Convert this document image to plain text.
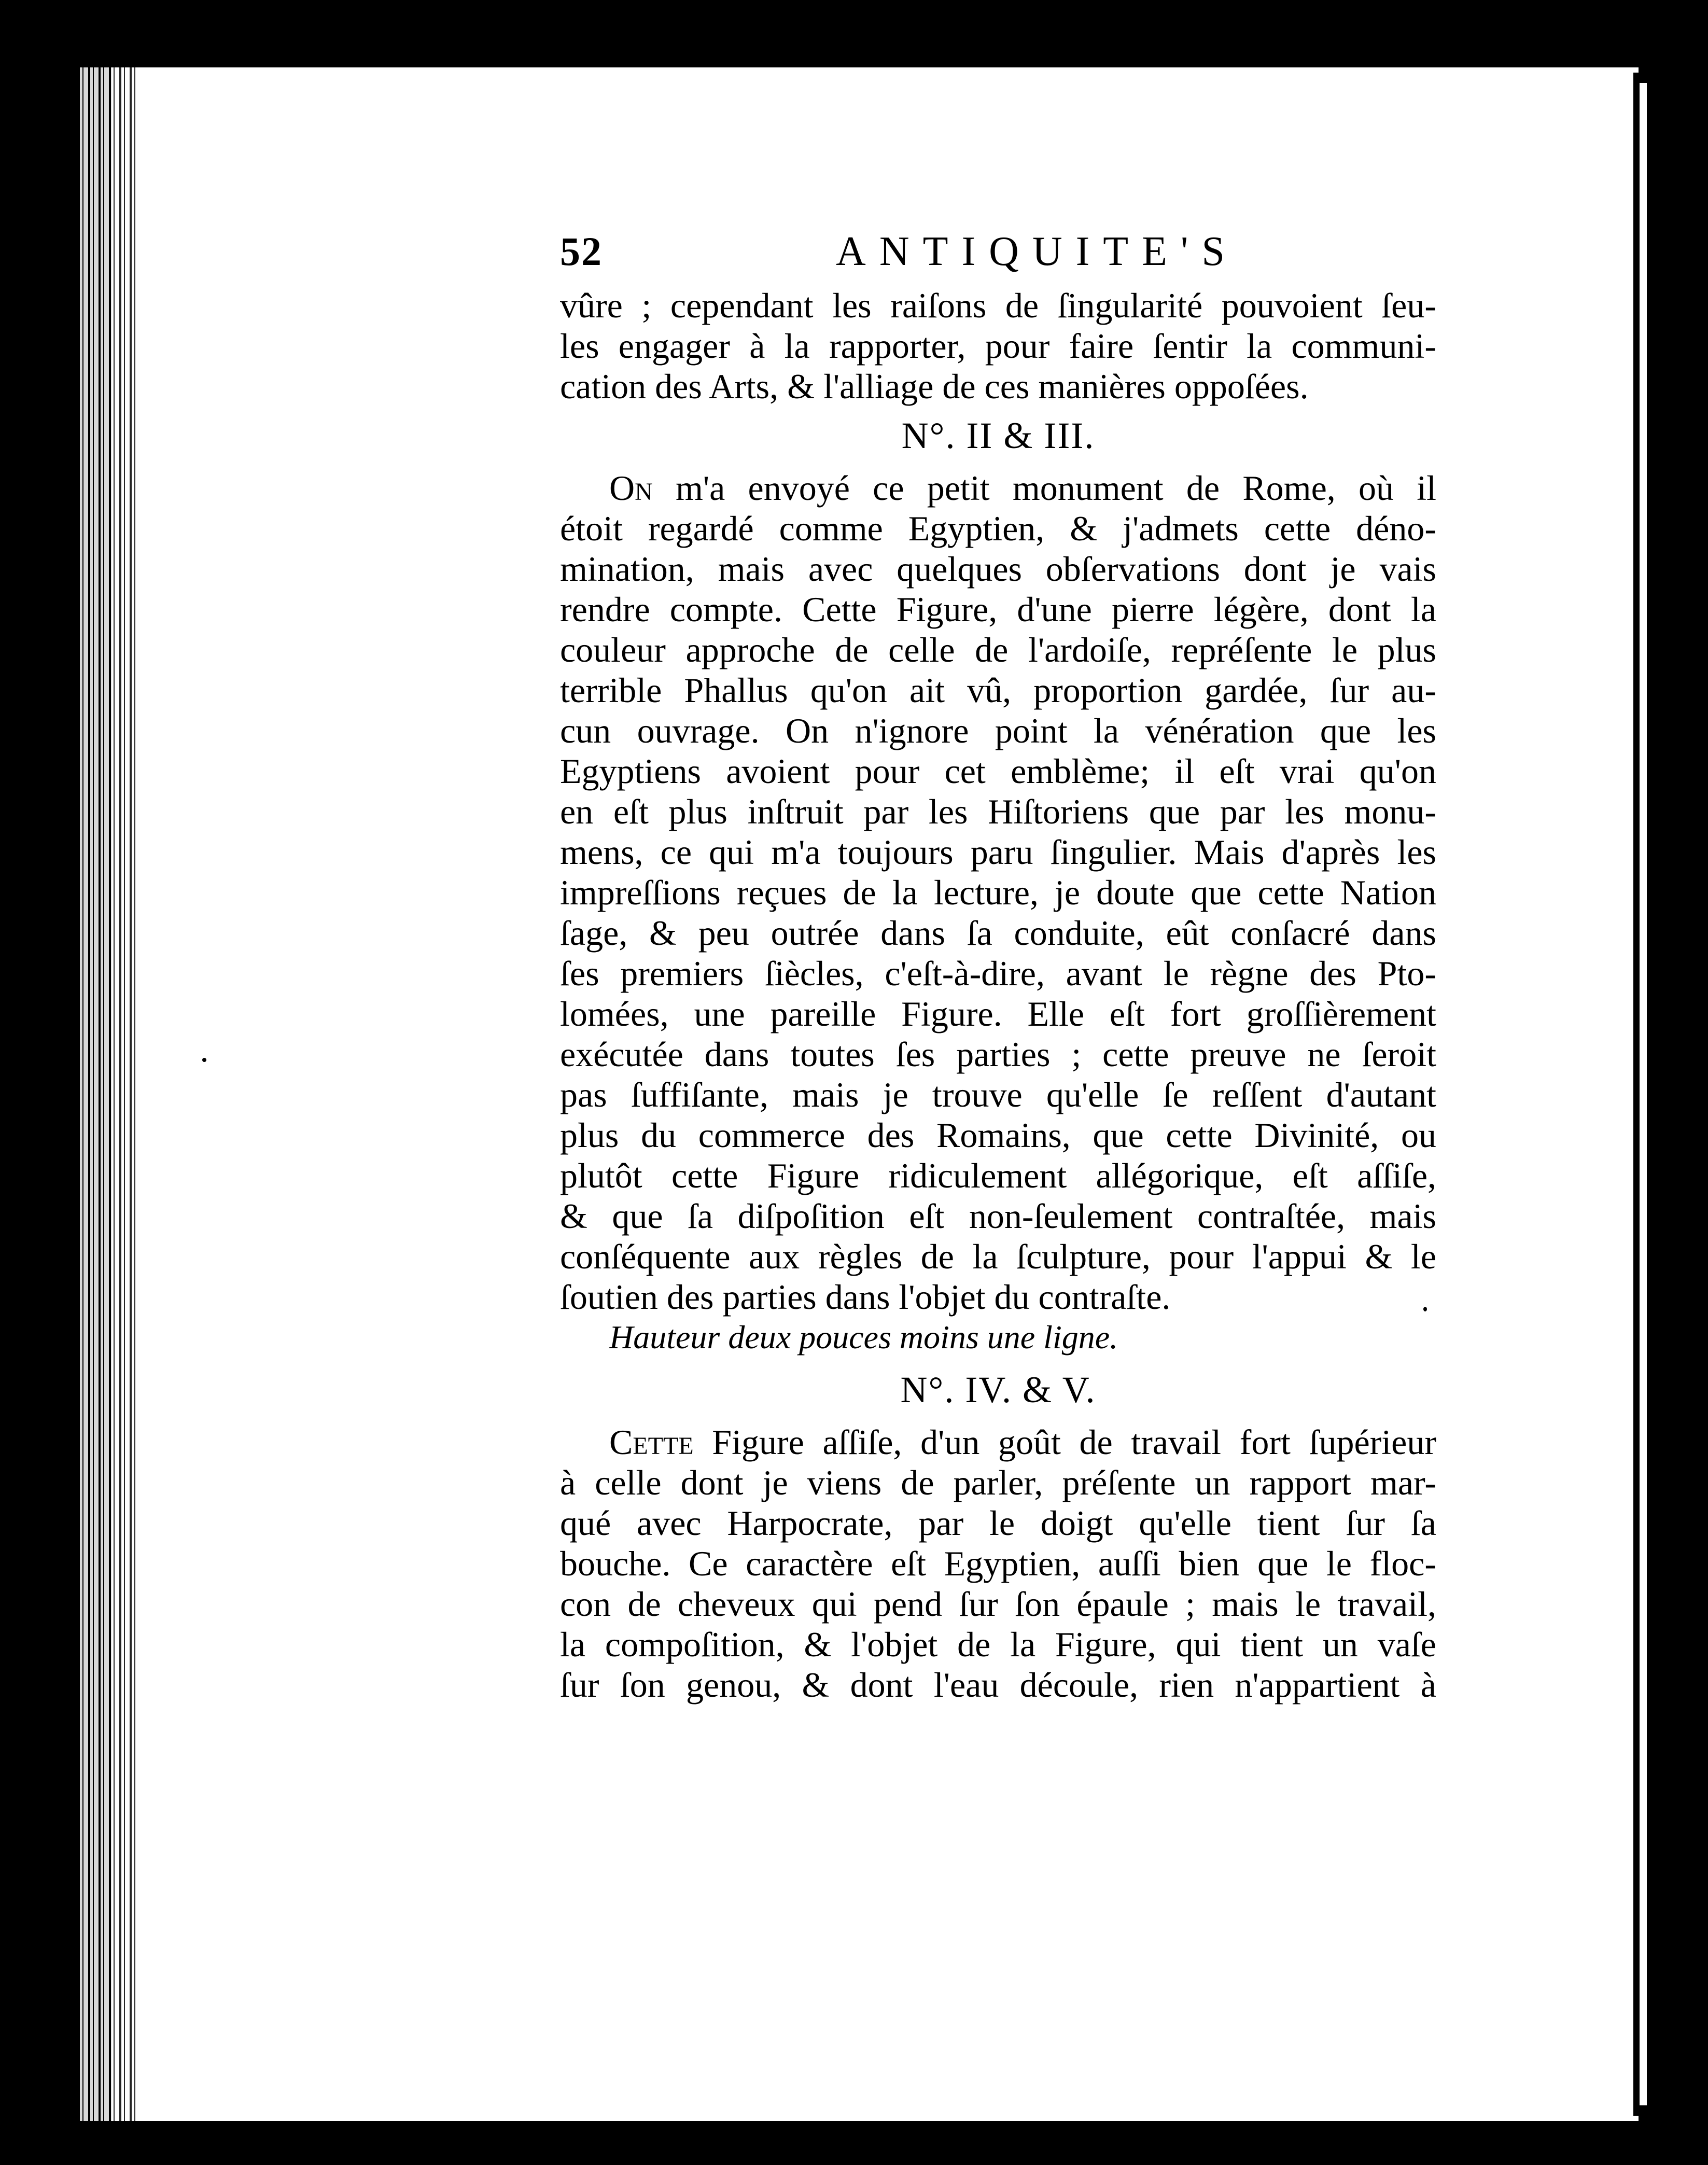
52	ANTIQUITE'S
vûre ; cependant les raiſons de ſingularité pouvoient ſeu-
les engager à la rapporter, pour faire ſentir la communi-
cation des Arts, & l'alliage de ces manières oppoſées.
N°. II & III.
On m'a envoyé ce petit monument de Rome, où il
étoit regardé comme Egyptien, & j'admets cette déno-
mination, mais avec quelques obſervations dont je vais
rendre compte. Cette Figure, d'une pierre légère, dont la
couleur approche de celle de l'ardoiſe, repréſente le plus
terrible Phallus qu'on ait vû, proportion gardée, ſur au-
cun ouvrage. On n'ignore point la vénération que les
Egyptiens avoient pour cet emblème; il eſt vrai qu'on
en eſt plus inſtruit par les Hiſtoriens que par les monu-
mens, ce qui m'a toujours paru ſingulier. Mais d'après les
impreſſions reçues de la lecture, je doute que cette Nation
ſage, & peu outrée dans ſa conduite, eût conſacré dans
ſes premiers ſiècles, c'eſt-à-dire, avant le règne des Pto-
lomées, une pareille Figure. Elle eſt fort groſſièrement
exécutée dans toutes ſes parties ; cette preuve ne ſeroit
pas ſuffiſante, mais je trouve qu'elle ſe reſſent d'autant
plus du commerce des Romains, que cette Divinité, ou
plutôt cette Figure ridiculement allégorique, eſt aſſiſe,
& que ſa diſpoſition eſt non-ſeulement contraſtée, mais
conſéquente aux règles de la ſculpture, pour l'appui & le
ſoutien des parties dans l'objet du contraſte.
Hauteur deux pouces moins une ligne.
N°. IV. & V.
Cette Figure aſſiſe, d'un goût de travail fort ſupérieur
à celle dont je viens de parler, préſente un rapport mar-
qué avec Harpocrate, par le doigt qu'elle tient ſur ſa
bouche. Ce caractère eſt Egyptien, auſſi bien que le floc-
con de cheveux qui pend ſur ſon épaule ; mais le travail,
la compoſition, & l'objet de la Figure, qui tient un vaſe
ſur ſon genou, & dont l'eau découle, rien n'appartient à
